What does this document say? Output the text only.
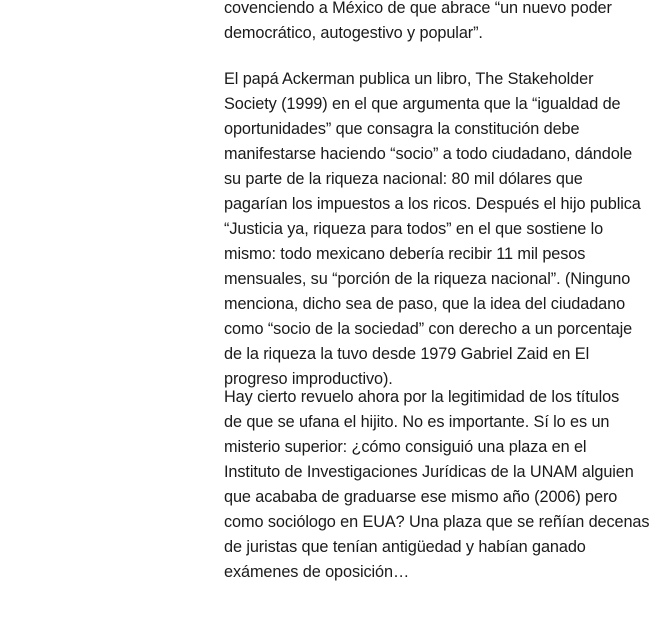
covenciendo a México de que abrace “un nuevo poder
democrático, autogestivo y popular”.

El papá Ackerman publica un libro, The Stakeholder
Society (1999) en el que argumenta que la “igualdad de
oportunidades” que consagra la constitución debe
manifestarse haciendo “socio” a todo ciudadano, dándole
su parte de la riqueza nacional: 80 mil dólares que
pagarían los impuestos a los ricos. Después el hijo publica
“Justicia ya, riqueza para todos” en el que sostiene lo
mismo: todo mexicano debería recibir 11 mil pesos
mensuales, su “porción de la riqueza nacional”. (Ninguno
menciona, dicho sea de paso, que la idea del ciudadano
como “socio de la sociedad” con derecho a un porcentaje
de la riqueza la tuvo desde 1979 Gabriel Zaid en El
progreso improductivo).

Hay cierto revuelo ahora por la legitimidad de los títulos
de que se ufana el hijito. No es importante. Sí lo es un
misterio superior: ¿cómo consiguió una plaza en el
Instituto de Investigaciones Jurídicas de la UNAM alguien
que acababa de graduarse ese mismo año (2006) pero
como sociólogo en EUA? Una plaza que se reñían decenas
de juristas que tenían antigüedad y habían ganado
exámenes de oposición…
